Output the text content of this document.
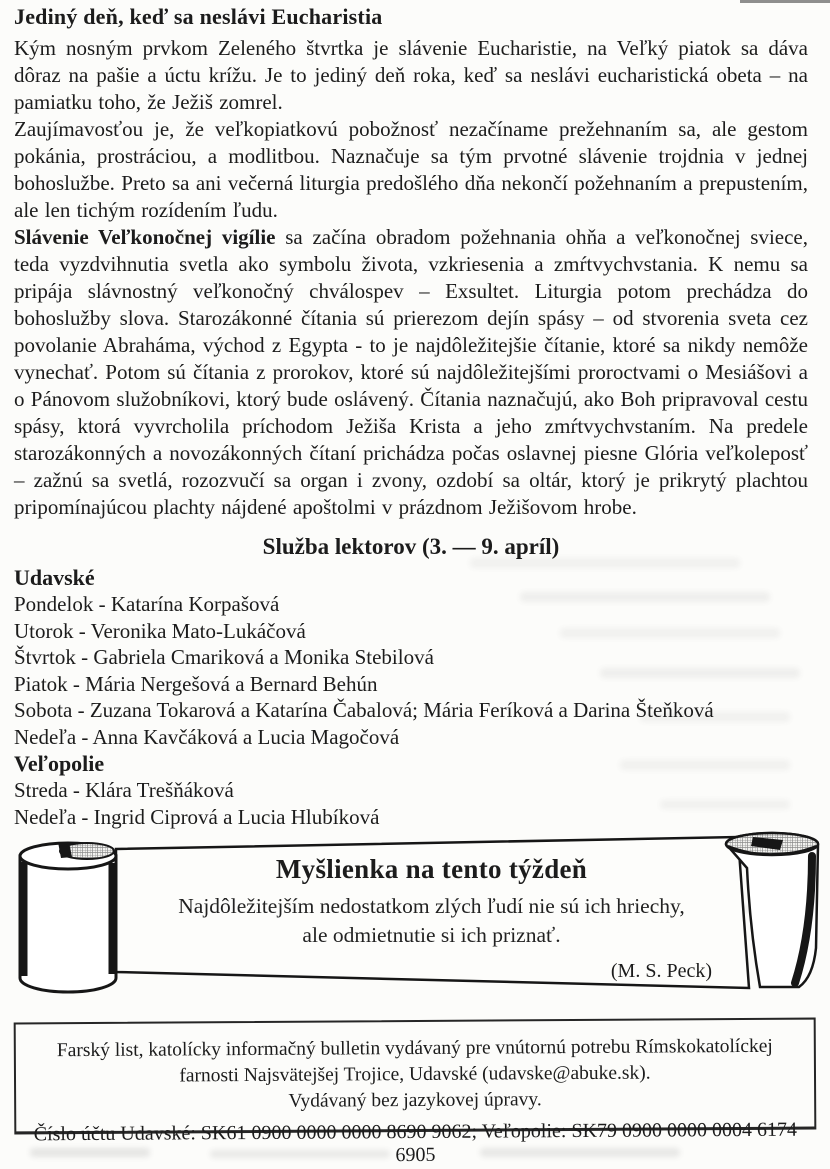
Jediný deň, keď sa neslávi Eucharistia

Kým nosným prvkom Zeleného štvrtka je slávenie Eucharistie, na Veľký piatok sa dáva dôraz na pašie a úctu krížu. Je to jediný deň roka, keď sa neslávi eucharistická obeta – na pamiatku toho, že Ježiš zomrel.

Zaujímavosťou je, že veľkopiatkovú pobožnosť nezačíname prežehnaním sa, ale gestom pokánia, prostráciou, a modlitbou. Naznačuje sa tým prvotné slávenie trojdnia v jednej bohoslužbe. Preto sa ani večerná liturgia predošlého dňa nekončí požehnaním a prepustením, ale len tichým rozídením ľudu.

Slávenie Veľkonočnej vigílie sa začína obradom požehnania ohňa a veľkonočnej sviece, teda vyzdvihnutia svetla ako symbolu života, vzkriesenia a zmŕtvychvstania. K nemu sa pripája slávnostný veľkonočný chválospev – Exsultet. Liturgia potom prechádza do bohoslužby slova. Starozákonné čítania sú prierezom dejín spásy – od stvorenia sveta cez povolanie Abraháma, východ z Egypta - to je najdôležitejšie čítanie, ktoré sa nikdy nemôže vynechať. Potom sú čítania z prorokov, ktoré sú najdôležitejšími proroctvami o Mesiášovi a o Pánovom služobníkovi, ktorý bude oslávený. Čítania naznačujú, ako Boh pripravoval cestu spásy, ktorá vyvrcholila príchodom Ježiša Krista a jeho zmŕtvychvstaním. Na predele starozákonných a novozákonných čítaní prichádza počas oslavnej piesne Glória veľkoleposť – zažnú sa svetlá, rozozvučí sa organ i zvony, ozdobí sa oltár, ktorý je prikrytý plachtou pripomínajúcou plachty nájdené apoštolmi v prázdnom Ježišovom hrobe.

Služba lektorov (3. — 9. apríl)
Udavské
Pondelok - Katarína Korpašová
Utorok - Veronika Mato-Lukáčová
Štvrtok - Gabriela Cmariková a Monika Stebilová
Piatok - Mária Nergešová a Bernard Behún
Sobota - Zuzana Tokarová a Katarína Čabalová; Mária Feríková a Darina Šteňková
Nedeľa - Anna Kavčáková a Lucia Magočová
Veľopolie
Streda - Klára Trešňáková
Nedeľa - Ingrid Ciprová a Lucia Hlubíková
Myšlienka na tento týždeň
Najdôležitejším nedostatkom zlých ľudí nie sú ich hriechy,
ale odmietnutie si ich priznať.
(M. S. Peck)
Farský list, katolícky informačný bulletin vydávaný pre vnútornú potrebu Rímskokatolíckej
farnosti Najsvätejšej Trojice, Udavské (udavske@abuke.sk).
Vydávaný bez jazykovej úpravy.
Číslo účtu Udavské: SK61 0900 0000 0000 8690 9062; Veľopolie: SK79 0900 0000 0004 6174 6905
